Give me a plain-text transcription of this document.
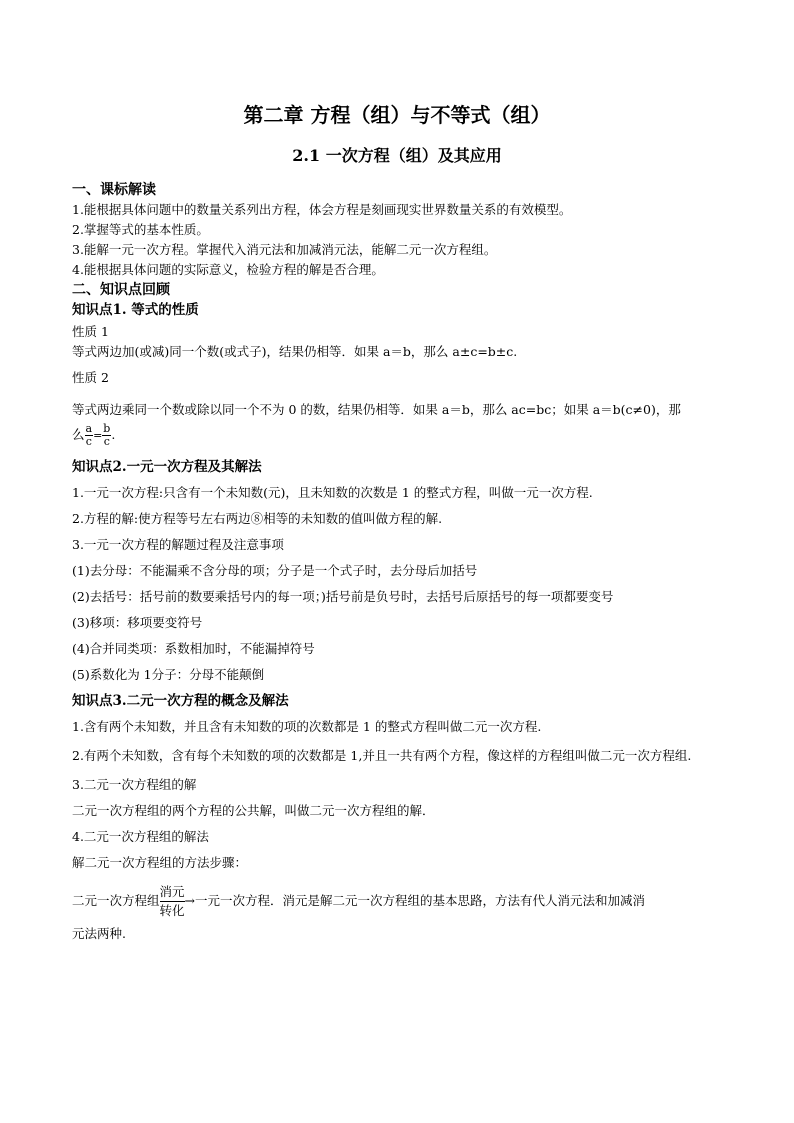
第二章 方程（组）与不等式（组）
2.1 一次方程（组）及其应用

一、课标解读

1.能根据具体问题中的数量关系列出方程，体会方程是刻画现实世界数量关系的有效模型。

2.掌握等式的基本性质。

3.能解一元一次方程。掌握代入消元法和加减消元法，能解二元一次方程组。

4.能根据具体问题的实际意义，检验方程的解是否合理。

二、知识点回顾

知识点1. 等式的性质

性质 1

等式两边加(或减)同一个数(或式子)，结果仍相等．如果 a＝b，那么 a±c=b±c.

性质 2

等式两边乘同一个数或除以同一个不为 0 的数，结果仍相等．如果 a＝b，那么 ac=bc；如果 a＝b(c≠0)，那

么 $\frac{a}{c} = \frac{b}{c}$ .

知识点2.一元一次方程及其解法

1.一元一次方程:只含有一个未知数(元)，且未知数的次数是 1 的整式方程，叫做一元一次方程.

2.方程的解:使方程等号左右两边⑧相等的未知数的值叫做方程的解.

3.一元一次方程的解题过程及注意事项

(1)去分母：不能漏乘不含分母的项；分子是一个式子时，去分母后加括号

(2)去括号：括号前的数要乘括号内的每一项；)括号前是负号时，去括号后原括号的每一项都要变号

(3)移项：移项要变符号

(4)合并同类项：系数相加时，不能漏掉符号

(5)系数化为 1分子：分母不能颠倒

知识点3.二元一次方程的概念及解法

1.含有两个未知数，并且含有未知数的项的次数都是 1 的整式方程叫做二元一次方程.

2.有两个未知数，含有每个未知数的项的次数都是 1,并且一共有两个方程，像这样的方程组叫做二元一次方程组.

3.二元一次方程组的解

二元一次方程组的两个方程的公共解，叫做二元一次方程组的解．

4.二元一次方程组的解法

解二元一次方程组的方法步骤：

二元一次方程组
消元
转化
→一元一次方程．消元是解二元一次方程组的基本思路，方法有代人消元法和加减消

元法两种.
